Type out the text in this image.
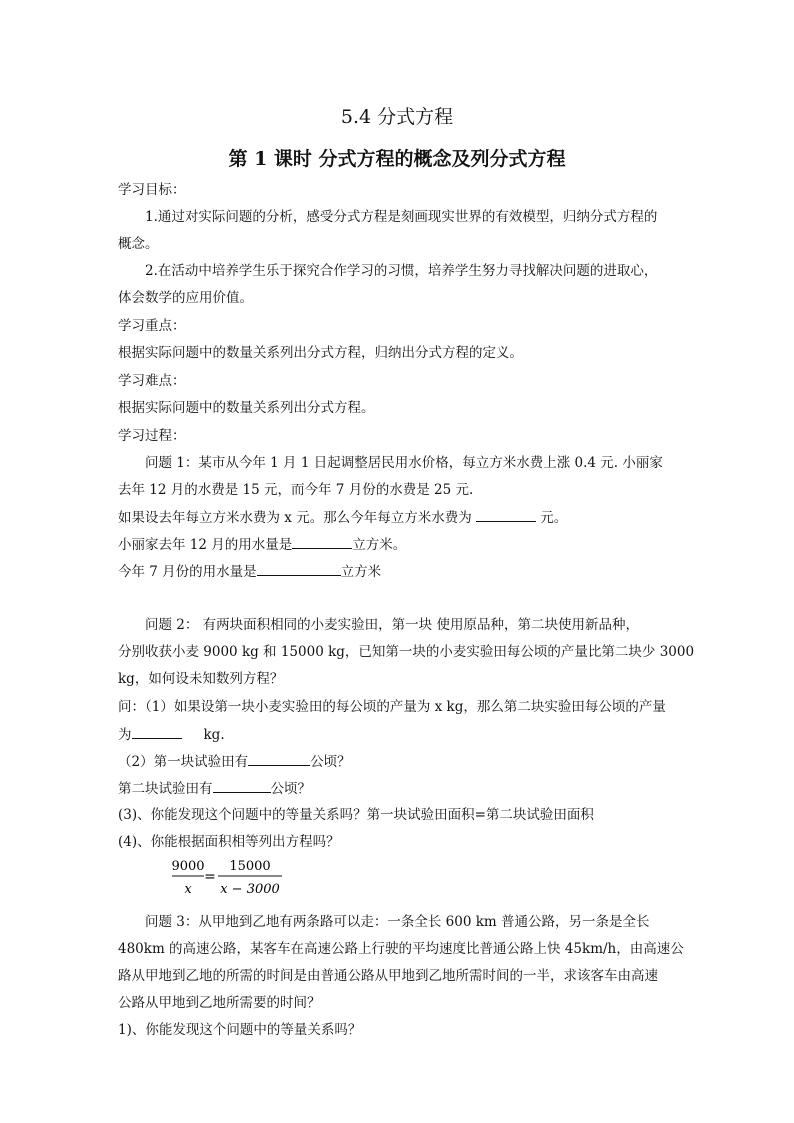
5.4 分式方程
第 1 课时 分式方程的概念及列分式方程
学习目标：
1.通过对实际问题的分析，感受分式方程是刻画现实世界的有效模型，归纳分式方程的
概念。
2.在活动中培养学生乐于探究合作学习的习惯，培养学生努力寻找解决问题的进取心，
体会数学的应用价值。
学习重点：
根据实际问题中的数量关系列出分式方程，归纳出分式方程的定义。
学习难点：
根据实际问题中的数量关系列出分式方程。
学习过程：
问题 1：某市从今年 1 月 1 日起调整居民用水价格，每立方米水费上涨 0.4 元. 小丽家
去年 12 月的水费是 15 元，而今年 7 月份的水费是 25 元.
如果设去年每立方米水费为 x 元。那么今年每立方米水费为	元。
小丽家去年 12 月的用水量是	立方米。
今年 7 月份的用水量是	立方米
问题 2： 有两块面积相同的小麦实验田，第一块 使用原品种，第二块使用新品种，
分别收获小麦 9000 kg 和 15000 kg，已知第一块的小麦实验田每公顷的产量比第二块少 3000
kg，如何设未知数列方程？
问：（1）如果设第一块小麦实验田的每公顷的产量为 x kg，那么第二块实验田每公顷的产量
为	kg.
（2）第一块试验田有	公顷？
第二块试验田有	公顷？
(3)、你能发现这个问题中的等量关系吗？第一块试验田面积=第二块试验田面积
(4)、你能根据面积相等列出方程吗？
9000
x
=
15000
x − 3000
问题 3：从甲地到乙地有两条路可以走：一条全长 600 km 普通公路，另一条是全长
480km 的高速公路，某客车在高速公路上行驶的平均速度比普通公路上快 45km/h，由高速公
路从甲地到乙地的所需的时间是由普通公路从甲地到乙地所需时间的一半，求该客车由高速
公路从甲地到乙地所需要的时间？
1)、你能发现这个问题中的等量关系吗？
